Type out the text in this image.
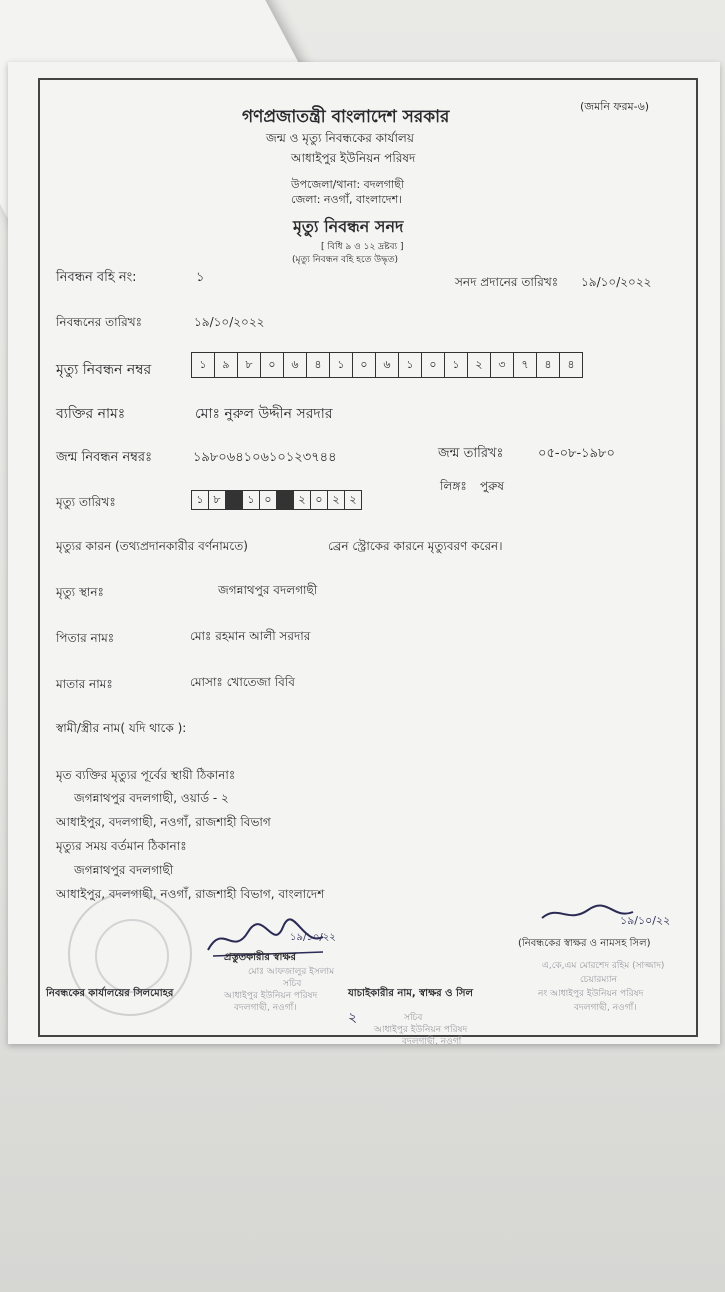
(জমনি ফরম-৬)
গণপ্রজাতন্ত্রী বাংলাদেশ সরকার
জন্ম ও মৃত্যু নিবন্ধকের কার্যালয়
আধাইপুর ইউনিয়ন পরিষদ
উপজেলা/থানা: বদলগাছী
জেলা: নওগাঁ, বাংলাদেশ।
মৃত্যু নিবন্ধন সনদ
[ বিধি ৯ ও ১২ দ্রষ্টব্য ]
(মৃত্যু নিবন্ধন বহি হতে উদ্ধৃত)
নিবন্ধন বহি নং:	১	সনদ প্রদানের তারিখঃ ১৯/১০/২০২২
নিবন্ধনের তারিখঃ	১৯/১০/২০২২
মৃত্যু নিবন্ধন নম্বর	১	৯	৮	০	৬	৪	১	০	৬	১	০	১	২	৩	৭	৪	৪
ব্যক্তির নামঃ	মোঃ নুরুল উদ্দীন সরদার
জন্ম নিবন্ধন নম্বরঃ	১৯৮০৬৪১০৬১০১২৩৭৪৪	জন্ম তারিখঃ	০৫-০৮-১৯৮০
লিঙ্গঃ পুরুষ
মৃত্যু তারিখঃ	১ ৮	১ ০	২ ০ ২ ২
মৃত্যুর কারন (তথ্যপ্রদানকারীর বর্ণনামতে)	ব্রেন স্ট্রোকের কারনে মৃত্যুবরণ করেন।
মৃত্যু স্থানঃ	জগন্নাথপুর বদলগাছী
পিতার নামঃ	মোঃ রহমান আলী সরদার
মাতার নামঃ	মোসাঃ খোতেজা বিবি
স্বামী/স্ত্রীর নাম( যদি থাকে ):
মৃত ব্যক্তির মৃত্যুর পূর্বের স্থায়ী ঠিকানাঃ
জগন্নাথপুর বদলগাছী, ওয়ার্ড - ২
আধাইপুর, বদলগাছী, নওগাঁ, রাজশাহী বিভাগ
মৃত্যুর সময় বর্তমান ঠিকানাঃ
জগন্নাথপুর বদলগাছী
আধাইপুর, বদলগাছী, নওগাঁ, রাজশাহী বিভাগ, বাংলাদেশ
১৯/১০/২২
প্রস্তুতকারীর স্বাক্ষর
মোঃ আফজালুর ইসলাম
সচিব
আধাইপুর ইউনিয়ন পরিষদ
বদলগাছী, নওগাঁ।
১৯/১০/২২
(নিবন্ধকের স্বাক্ষর ও নামসহ সিল)
এ,কে,এম মোরশেদ রহিম (সাজ্জাদ)
চেয়ারম্যান
নং আধাইপুর ইউনিয়ন পরিষদ
বদলগাছী, নওগাঁ।
নিবন্ধকের কার্যালয়ের সিলমোহর	যাচাইকারীর নাম, স্বাক্ষর ও সিল
২	সচিব
আধাইপুর ইউনিয়ন পরিষদ
বদলগাছী, নওগাঁ
